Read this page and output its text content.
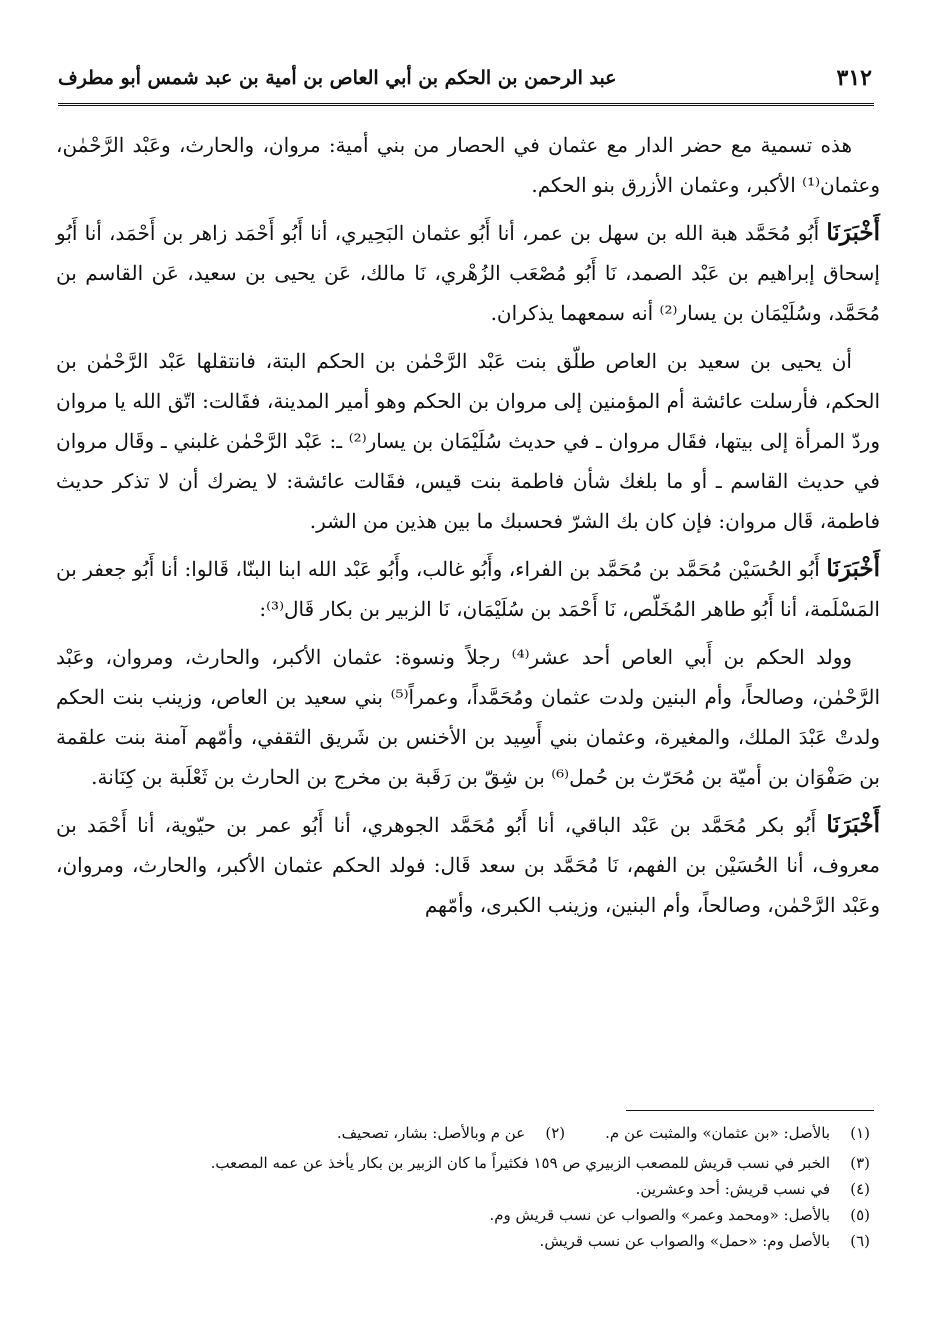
٣١٢
عبد الرحمن بن الحكم بن أبي العاص بن أمية بن عبد شمس أبو مطرف

هذه تسمية مع حضر الدار مع عثمان في الحصار من بني أمية: مروان، والحارث، وعَبْد الرَّحْمٰن، وعثمان⁽¹⁾ الأكبر، وعثمان الأزرق بنو الحكم.

أَخْبَرَنَا أَبُو مُحَمَّد هبة الله بن سهل بن عمر، أنا أَبُو عثمان البَحِيري، أنا أَبُو أَحْمَد زاهر بن أَحْمَد، أنا أَبُو إسحاق إبراهيم بن عَبْد الصمد، نَا أَبُو مُصْعَب الزُهْري، نَا مالك، عَن يحيى بن سعيد، عَن القاسم بن مُحَمَّد، وسُلَيْمَان بن يسار⁽²⁾ أنه سمعهما يذكران.

أن يحيى بن سعيد بن العاص طلّق بنت عَبْد الرَّحْمٰن بن الحكم البتة، فانتقلها عَبْد الرَّحْمٰن بن الحكم، فأرسلت عائشة أم المؤمنين إلى مروان بن الحكم وهو أمير المدينة، فقَالت: اتّق الله يا مروان وردّ المرأة إلى بيتها، فقَال مروان ـ في حديث سُلَيْمَان بن يسار⁽²⁾ ـ: عَبْد الرَّحْمٰن غلبني ـ وقَال مروان في حديث القاسم ـ أو ما بلغك شأن فاطمة بنت قيس، فقَالت عائشة: لا يضرك أن لا تذكر حديث فاطمة، قَال مروان: فإن كان بك الشرّ فحسبك ما بين هذين من الشر.

أَخْبَرَنَا أَبُو الحُسَيْن مُحَمَّد بن مُحَمَّد بن الفراء، وأَبُو غالب، وأَبُو عَبْد الله ابنا البنّا، قَالوا: أنا أَبُو جعفر بن المَسْلَمة، أنا أَبُو طاهر المُخَلّص، نَا أَحْمَد بن سُلَيْمَان، نَا الزبير بن بكار قَال⁽³⁾:

وولد الحكم بن أَبي العاص أحد عشر⁽⁴⁾ رجلاً ونسوة: عثمان الأكبر، والحارث، ومروان، وعَبْد الرَّحْمٰن، وصالحاً، وأم البنين ولدت عثمان ومُحَمَّداً، وعمراً⁽⁵⁾ بني سعيد بن العاص، وزينب بنت الحكم ولدتْ عَبْدَ الملك، والمغيرة، وعثمان بني أَسِيد بن الأخنس بن شَريق الثقفي، وأمّهم آمنة بنت علقمة بن صَفْوَان بن أميّة بن مُحَرّث بن حُمل⁽⁶⁾ بن شِقّ بن رَقَبة بن مخرج بن الحارث بن ثَعْلَبة بن كِنَانة.

أَخْبَرَنَا أَبُو بكر مُحَمَّد بن عَبْد الباقي، أنا أَبُو مُحَمَّد الجوهري، أنا أَبُو عمر بن حيّوية، أنا أَحْمَد بن معروف، أنا الحُسَيْن بن الفهم، نَا مُحَمَّد بن سعد قَال: فولد الحكم عثمان الأكبر، والحارث، ومروان، وعَبْد الرَّحْمٰن، وصالحاً، وأم البنين، وزينب الكبرى، وأمّهم

(١)
بالأصل: «بن عثمان» والمثبت عن م.
(٢)
عن م وبالأصل: بشار، تصحيف.
(٣)
الخبر في نسب قريش للمصعب الزبيري ص ١٥٩ فكثيراً ما كان الزبير بن بكار يأخذ عن عمه المصعب.
(٤)
في نسب قريش: أحد وعشرين.
(٥)
بالأصل: «ومحمد وعمر» والصواب عن نسب قريش وم.
(٦)
بالأصل وم: «حمل» والصواب عن نسب قريش.
